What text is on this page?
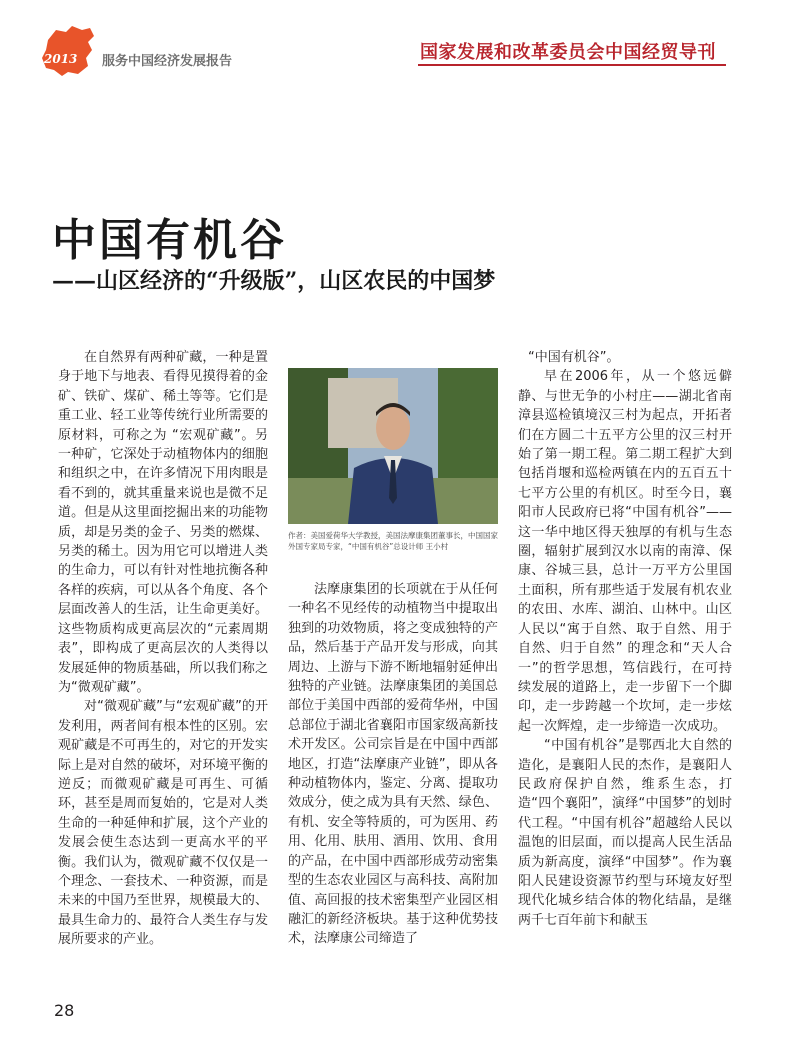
2013	服务中国经济发展报告	国家发展和改革委员会中国经贸导刊
中国有机谷
——山区经济的“升级版”，山区农民的中国梦

在自然界有两种矿藏，一种是置身于地下与地表、看得见摸得着的金矿、铁矿、煤矿、稀土等等。它们是重工业、轻工业等传统行业所需要的原材料，可称之为 “宏观矿藏”。另一种矿，它深处于动植物体内的细胞和组织之中，在许多情况下用肉眼是看不到的，就其重量来说也是微不足道。但是从这里面挖掘出来的功能物质，却是另类的金子、另类的燃煤、另类的稀土。因为用它可以增进人类的生命力，可以有针对性地抗衡各种各样的疾病，可以从各个角度、各个层面改善人的生活，让生命更美好。这些物质构成更高层次的“元素周期表”，即构成了更高层次的人类得以发展延伸的物质基础，所以我们称之为“微观矿藏”。

对“微观矿藏”与“宏观矿藏”的开发利用，两者间有根本性的区别。宏观矿藏是不可再生的，对它的开发实际上是对自然的破坏，对环境平衡的逆反；而微观矿藏是可再生、可循环，甚至是周而复始的，它是对人类生命的一种延伸和扩展，这个产业的发展会使生态达到一更高水平的平衡。我们认为，微观矿藏不仅仅是一个理念、一套技术、一种资源，而是未来的中国乃至世界，规模最大的、最具生命力的、最符合人类生存与发展所要求的产业。

作者：美国爱荷华大学教授，美国法摩康集团董事长，中国国家外国专家局专家，“中国有机谷”总设计师 王小村

法摩康集团的长项就在于从任何一种名不见经传的动植物当中提取出独到的功效物质，将之变成独特的产品，然后基于产品开发与形成，向其周边、上游与下游不断地辐射延伸出独特的产业链。法摩康集团的美国总部位于美国中西部的爱荷华州，中国总部位于湖北省襄阳市国家级高新技术开发区。公司宗旨是在中国中西部地区，打造“法摩康产业链”，即从各种动植物体内，鉴定、分离、提取功效成分，使之成为具有天然、绿色、有机、安全等特质的，可为医用、药用、化用、肤用、酒用、饮用、食用的产品，在中国中西部形成劳动密集型的生态农业园区与高科技、高附加值、高回报的技术密集型产业园区相融汇的新经济板块。基于这种优势技术，法摩康公司缔造了

“中国有机谷”。

早在2006年，从一个悠远僻静、与世无争的小村庄——湖北省南漳县巡检镇境汉三村为起点，开拓者们在方圆二十五平方公里的汉三村开始了第一期工程。第二期工程扩大到包括肖堰和巡检两镇在内的五百五十七平方公里的有机区。时至今日，襄阳市人民政府已将“中国有机谷”——这一华中地区得天独厚的有机与生态圈，辐射扩展到汉水以南的南漳、保康、谷城三县，总计一万平方公里国土面积，所有那些适于发展有机农业的农田、水库、湖泊、山林中。山区人民以“寓于自然、取于自然、用于自然、归于自然” 的理念和“天人合一”的哲学思想，笃信践行，在可持续发展的道路上，走一步留下一个脚印，走一步跨越一个坎坷，走一步炫起一次辉煌，走一步缔造一次成功。

“中国有机谷”是鄂西北大自然的造化，是襄阳人民的杰作，是襄阳人民政府保护自然，维系生态，打造“四个襄阳”，演绎“中国梦”的划时代工程。“中国有机谷”超越给人民以温饱的旧层面，而以提高人民生活品质为新高度，演绎“中国梦”。作为襄阳人民建设资源节约型与环境友好型现代化城乡结合体的物化结晶，是继两千七百年前卞和献玉

28
